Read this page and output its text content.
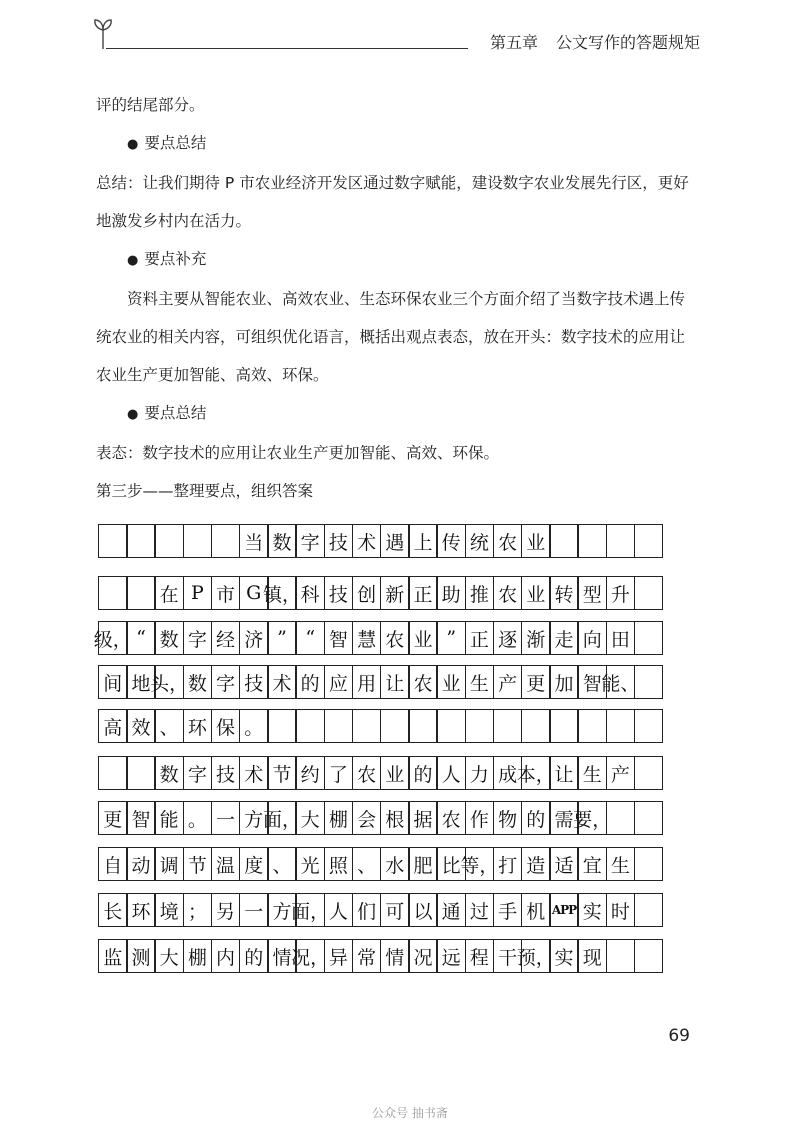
第五章 公文写作的答题规矩

评的结尾部分。

● 要点总结

总结：让我们期待 P 市农业经济开发区通过数字赋能，建设数字农业发展先行区，更好地激发乡村内在活力。

● 要点补充

资料主要从智能农业、高效农业、生态环保农业三个方面介绍了当数字技术遇上传统农业的相关内容，可组织优化语言，概括出观点表态，放在开头：数字技术的应用让农业生产更加智能、高效、环保。

● 要点总结

表态：数字技术的应用让农业生产更加智能、高效、环保。

第三步——整理要点，组织答案

当 数 字 技 术 遇 上 传 统 农 业
在 P 市 G 镇， 科 技 创 新 正 助 推 农 业 转 型 升
级， “ 数 字 经 济 ” “ 智 慧 农 业 ” 正 逐 渐 走 向 田
间 地 头， 数 字 技 术 的 应 用 让 农 业 生 产 更 加 智 能、
高 效 、 环 保 。
数 字 技 术 节 约 了 农 业 的 人 力 成 本， 让 生 产
更 智 能 。 一 方 面， 大 棚 会 根 据 农 作 物 的 需 要，
自 动 调 节 温 度 、 光 照 、 水 肥 比 等， 打 造 适 宜 生
长 环 境 ； 另 一 方 面， 人 们 可 以 通 过 手 机 APP 实 时
监 测 大 棚 内 的 情 况， 异 常 情 况 远 程 干 预， 实 现
69
公众号 抽书斋
